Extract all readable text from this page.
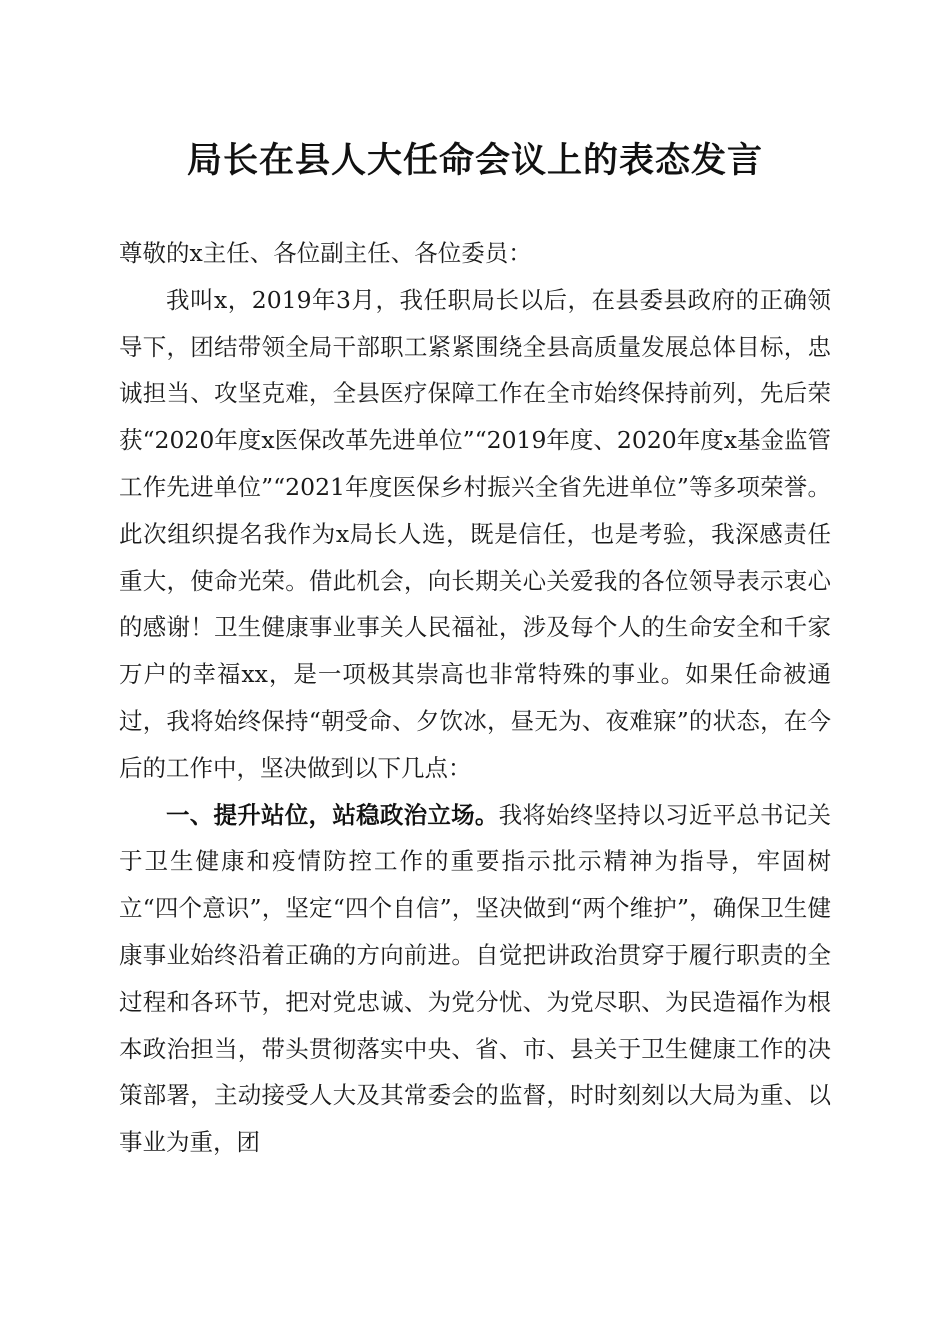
局长在县人大任命会议上的表态发言

尊敬的x主任、各位副主任、各位委员：

我叫x，2019年3月，我任职局长以后，在县委县政府的正确领导下，团结带领全局干部职工紧紧围绕全县高质量发展总体目标，忠诚担当、攻坚克难，全县医疗保障工作在全市始终保持前列，先后荣获“2020年度x医保改革先进单位”“2019年度、2020年度x基金监管工作先进单位”“2021年度医保乡村振兴全省先进单位”等多项荣誉。此次组织提名我作为x局长人选，既是信任，也是考验，我深感责任重大，使命光荣。借此机会，向长期关心关爱我的各位领导表示衷心的感谢！卫生健康事业事关人民福祉，涉及每个人的生命安全和千家万户的幸福xx，是一项极其崇高也非常特殊的事业。如果任命被通过，我将始终保持“朝受命、夕饮冰，昼无为、夜难寐”的状态，在今后的工作中，坚决做到以下几点：

一、提升站位，站稳政治立场。我将始终坚持以习近平总书记关于卫生健康和疫情防控工作的重要指示批示精神为指导，牢固树立“四个意识”，坚定“四个自信”，坚决做到“两个维护”，确保卫生健康事业始终沿着正确的方向前进。自觉把讲政治贯穿于履行职责的全过程和各环节，把对党忠诚、为党分忧、为党尽职、为民造福作为根本政治担当，带头贯彻落实中央、省、市、县关于卫生健康工作的决策部署，主动接受人大及其常委会的监督，时时刻刻以大局为重、以事业为重，团
